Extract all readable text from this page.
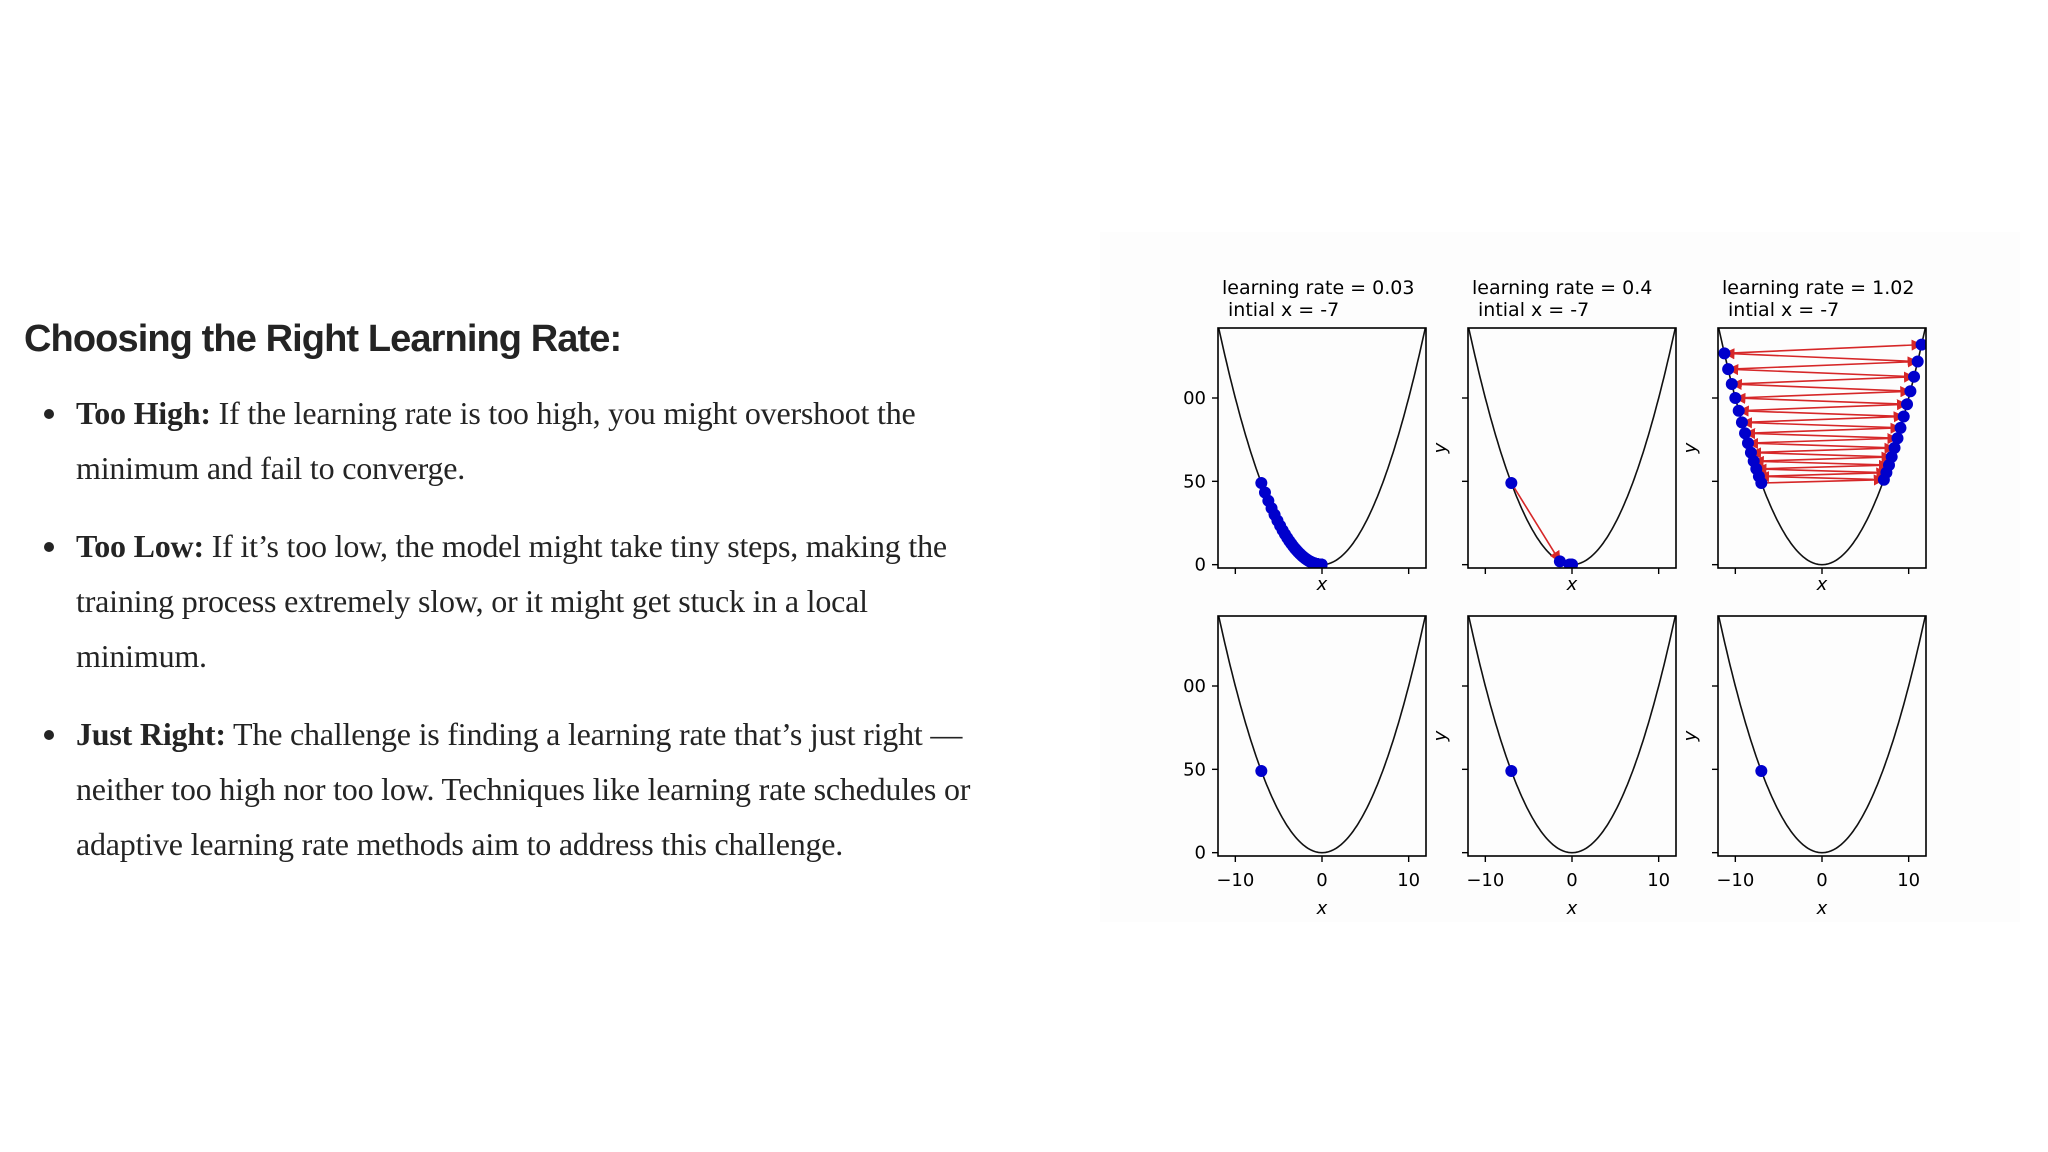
Choosing the Right Learning Rate:
Too High: If the learning rate is too high, you might overshoot the
minimum and fail to converge.
Too Low: If it’s too low, the model might take tiny steps, making the
training process extremely slow, or it might get stuck in a local
minimum.
Just Right: The challenge is finding a learning rate that’s just right —
neither too high nor too low. Techniques like learning rate schedules or
adaptive learning rate methods aim to address this challenge.
0
50
00
x
learning rate = 0.03
intial x = -7
x
y
learning rate = 0.4
intial x = -7
x
y
learning rate = 1.02
intial x = -7
−10	0	10
0
50
00
x
−10	0	10
x
y
−10	0	10
x
y
